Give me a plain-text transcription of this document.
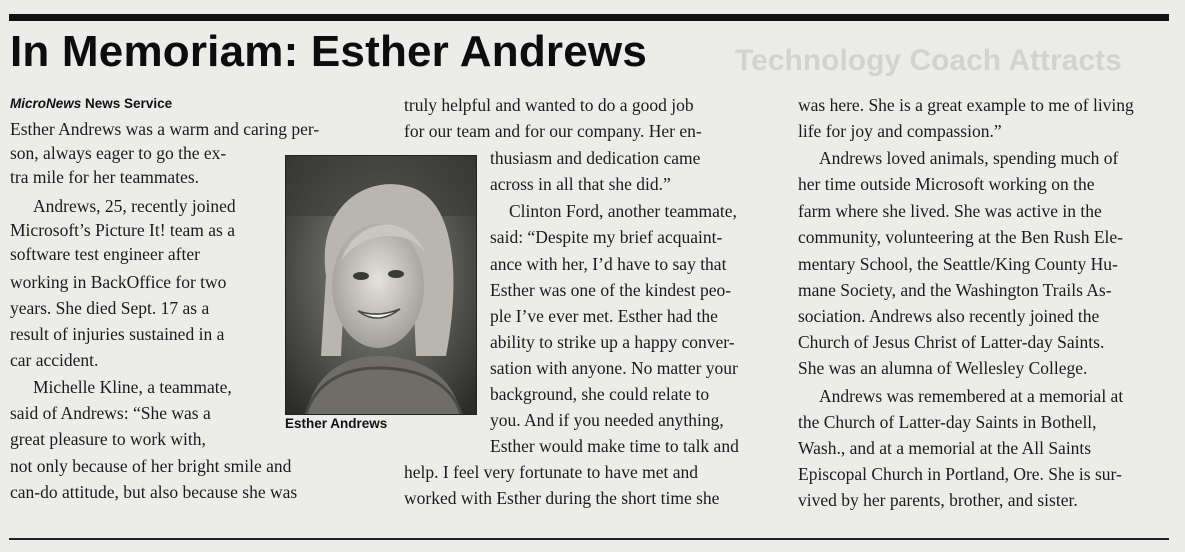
Technology Coach Attracts
In Memoriam: Esther Andrews
MicroNews News Service
Esther Andrews was a warm and caring per-
son, always eager to go the ex-
tra mile for her teammates.
Andrews, 25, recently joined
Microsoft’s Picture It! team as a
software test engineer after
working in BackOffice for two
years. She died Sept. 17 as a
result of injuries sustained in a
car accident.
Michelle Kline, a teammate,
said of Andrews: “She was a
great pleasure to work with,
not only because of her bright smile and
can-do attitude, but also because she was
Esther Andrews
truly helpful and wanted to do a good job
for our team and for our company. Her en-
thusiasm and dedication came
across in all that she did.”
Clinton Ford, another teammate,
said: “Despite my brief acquaint-
ance with her, I’d have to say that
Esther was one of the kindest peo-
ple I’ve ever met. Esther had the
ability to strike up a happy conver-
sation with anyone. No matter your
background, she could relate to
you. And if you needed anything,
Esther would make time to talk and
help. I feel very fortunate to have met and
worked with Esther during the short time she
was here. She is a great example to me of living
life for joy and compassion.”
Andrews loved animals, spending much of
her time outside Microsoft working on the
farm where she lived. She was active in the
community, volunteering at the Ben Rush Ele-
mentary School, the Seattle/King County Hu-
mane Society, and the Washington Trails As-
sociation. Andrews also recently joined the
Church of Jesus Christ of Latter-day Saints.
She was an alumna of Wellesley College.
Andrews was remembered at a memorial at
the Church of Latter-day Saints in Bothell,
Wash., and at a memorial at the All Saints
Episcopal Church in Portland, Ore. She is sur-
vived by her parents, brother, and sister.
